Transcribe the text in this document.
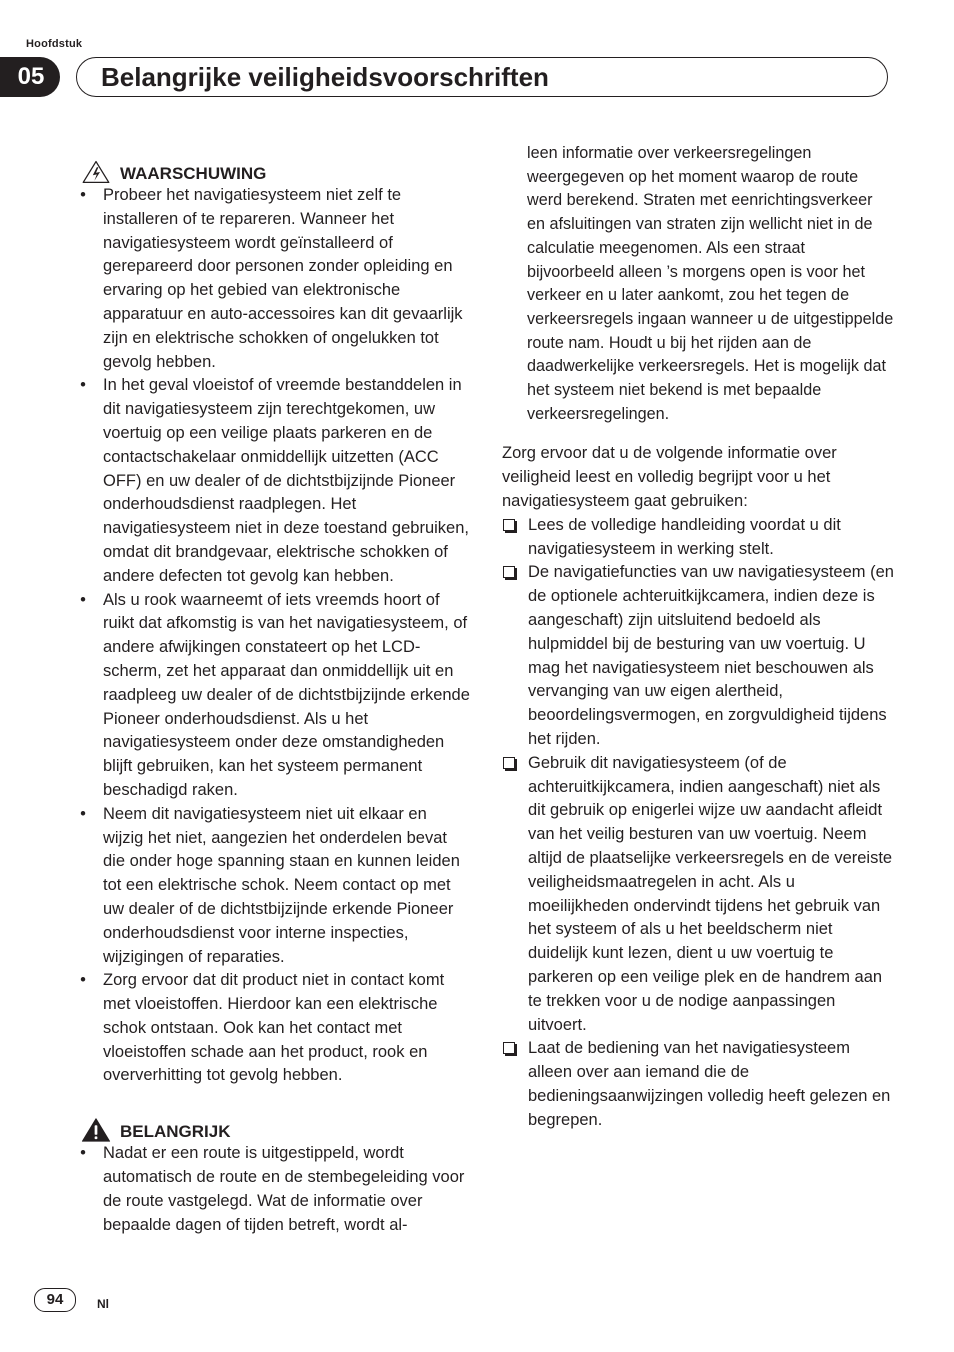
Hoofdstuk
05	Belangrijke veiligheidsvoorschriften
WAARSCHUWING
• Probeer het navigatiesysteem niet zelf te installeren of te repareren. Wanneer het navigatiesysteem wordt geïnstalleerd of gerepareerd door personen zonder opleiding en ervaring op het gebied van elektronische apparatuur en auto-accessoires kan dit gevaarlijk zijn en elektrische schokken of ongelukken tot gevolg hebben.
• In het geval vloeistof of vreemde bestanddelen in dit navigatiesysteem zijn terechtgekomen, uw voertuig op een veilige plaats parkeren en de contactschakelaar onmiddellijk uitzetten (ACC OFF) en uw dealer of de dichtstbijzijnde Pioneer onderhoudsdienst raadplegen. Het navigatiesysteem niet in deze toestand gebruiken, omdat dit brandgevaar, elektrische schokken of andere defecten tot gevolg kan hebben.
• Als u rook waarneemt of iets vreemds hoort of ruikt dat afkomstig is van het navigatiesysteem, of andere afwijkingen constateert op het LCD-scherm, zet het apparaat dan onmiddellijk uit en raadpleeg uw dealer of de dichtstbijzijnde erkende Pioneer onderhoudsdienst. Als u het navigatiesysteem onder deze omstandigheden blijft gebruiken, kan het systeem permanent beschadigd raken.
• Neem dit navigatiesysteem niet uit elkaar en wijzig het niet, aangezien het onderdelen bevat die onder hoge spanning staan en kunnen leiden tot een elektrische schok. Neem contact op met uw dealer of de dichtstbijzijnde erkende Pioneer onderhoudsdienst voor interne inspecties, wijzigingen of reparaties.
• Zorg ervoor dat dit product niet in contact komt met vloeistoffen. Hierdoor kan een elektrische schok ontstaan. Ook kan het contact met vloeistoffen schade aan het product, rook en oververhitting tot gevolg hebben.
BELANGRIJK
• Nadat er een route is uitgestippeld, wordt automatisch de route en de stembegeleiding voor de route vastgelegd. Wat de informatie over bepaalde dagen of tijden betreft, wordt al-
leen informatie over verkeersregelingen weergegeven op het moment waarop de route werd berekend. Straten met eenrichtingsverkeer en afsluitingen van straten zijn wellicht niet in de calculatie meegenomen. Als een straat bijvoorbeeld alleen ’s morgens open is voor het verkeer en u later aankomt, zou het tegen de verkeersregels ingaan wanneer u de uitgestippelde route nam. Houdt u bij het rijden aan de daadwerkelijke verkeersregels. Het is mogelijk dat het systeem niet bekend is met bepaalde verkeersregelingen.

Zorg ervoor dat u de volgende informatie over veiligheid leest en volledig begrijpt voor u het navigatiesysteem gaat gebruiken:

Lees de volledige handleiding voordat u dit navigatiesysteem in werking stelt.
De navigatiefuncties van uw navigatiesysteem (en de optionele achteruitkijkcamera, indien deze is aangeschaft) zijn uitsluitend bedoeld als hulpmiddel bij de besturing van uw voertuig. U mag het navigatiesysteem niet beschouwen als vervanging van uw eigen alertheid, beoordelingsvermogen, en zorgvuldigheid tijdens het rijden.
Gebruik dit navigatiesysteem (of de achteruitkijkcamera, indien aangeschaft) niet als dit gebruik op enigerlei wijze uw aandacht afleidt van het veilig besturen van uw voertuig. Neem altijd de plaatselijke verkeersregels en de vereiste veiligheidsmaatregelen in acht. Als u moeilijkheden ondervindt tijdens het gebruik van het systeem of als u het beeldscherm niet duidelijk kunt lezen, dient u uw voertuig te parkeren op een veilige plek en de handrem aan te trekken voor u de nodige aanpassingen uitvoert.
Laat de bediening van het navigatiesysteem alleen over aan iemand die de bedieningsaanwijzingen volledig heeft gelezen en begrepen.
94	Nl
